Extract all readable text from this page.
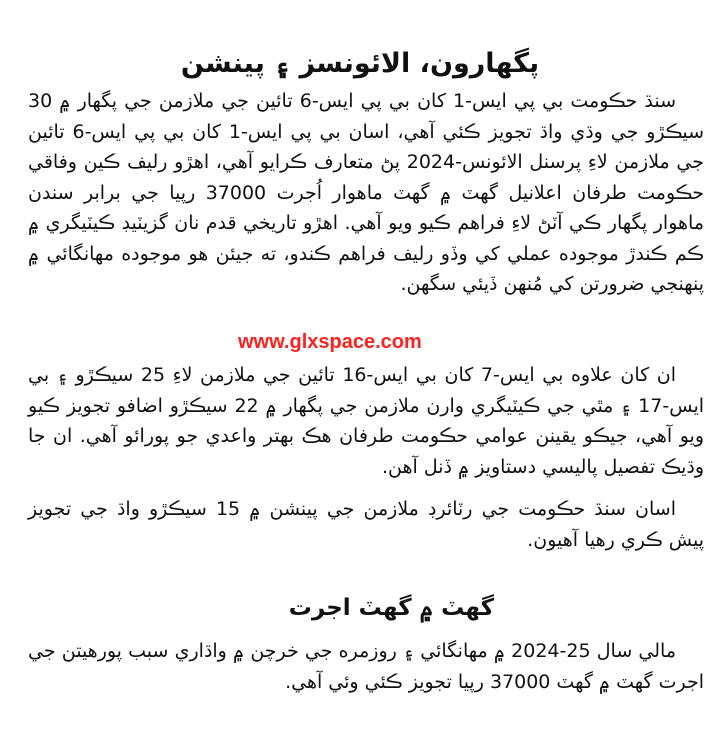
پگهارون، الائونسز ۽ پينشن

سنڌ حڪومت بي پي ايس-1 کان بي پي ايس-6 تائين جي ملازمن جي پگهار ۾ 30 سيڪڙو جي وڌي واڌ تجويز ڪئي آهي، اسان بي پي ايس-1 کان بي پي ايس-6 تائين جي ملازمن لاءِ پرسنل الائونس-2024 پڻ متعارف ڪرايو آهي، اهڙو رليف ڪين وفاقي حڪومت طرفان اعلانيل گهٽ ۾ گهٽ ماهوار اُجرت 37000 رپيا جي برابر سندن ماهوار پگهار ڪي آٽڻ لاءِ فراهم ڪيو ويو آهي. اهڙو تاريخي قدم نان گزيٽيڊ ڪيٽيگري ۾ ڪم ڪندڙ موجوده عملي کي وڏو رليف فراهم ڪندو، ته جيئن هو موجوده مهانگائي ۾ پنهنجي ضرورتن کي مُنهن ڏيئي سگهن.

ان کان علاوه بي ايس-7 کان بي ايس-16 تائين جي ملازمن لاءِ 25 سيڪڙو ۽ بي ايس-17 ۽ مٿي جي ڪيٽيگري وارن ملازمن جي پگهار ۾ 22 سيڪڙو اضافو تجويز ڪيو ويو آهي، جيڪو يقينن عوامي حڪومت طرفان هڪ بهتر واعدي جو پورائو آهي. ان جا وڌيڪ تفصيل پاليسي دستاويز ۾ ڏنل آهن.

اسان سنڌ حڪومت جي رٽائرڊ ملازمن جي پينشن ۾ 15 سيڪڙو واڌ جي تجويز پيش ڪري رهيا آهيون.

گهٽ ۾ گهٽ اجرت

مالي سال 25-2024 ۾ مهانگائي ۽ روزمره جي خرچن ۾ واڌاري سبب پورهيتن جي اجرت گهٽ ۾ گهٽ 37000 رپيا تجويز ڪئي وئي آهي.

www.glxspace.com
